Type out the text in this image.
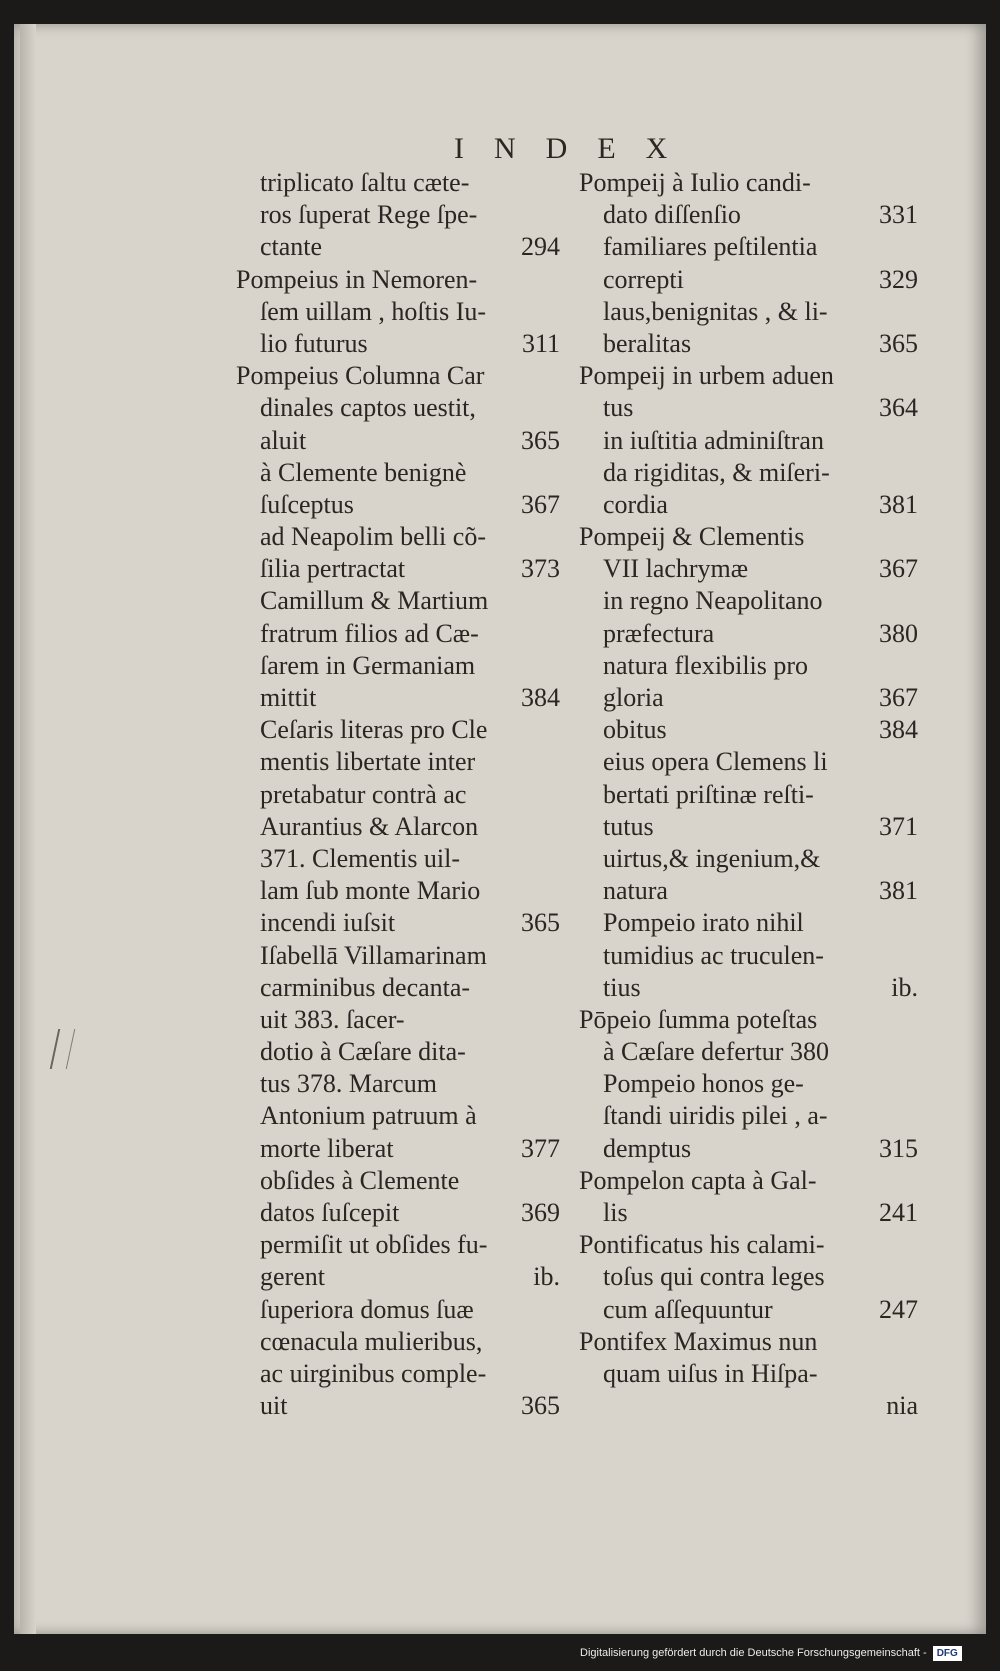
INDEX
triplicato ſaltu cæte-
ros ſuperat Rege ſpe-
ctante	294
Pompeius in Nemoren-
ſem uillam , hoſtis Iu-
lio futurus	311
Pompeius Columna Car
dinales captos uestit,
aluit	365
à Clemente benignè
ſuſceptus	367
ad Neapolim belli cõ-
ſilia pertractat	373
Camillum & Martium
fratrum filios ad Cæ-
ſarem in Germaniam
mittit	384
Ceſaris literas pro Cle
mentis libertate inter
pretabatur contrà ac
Aurantius & Alarcon
371. Clementis uil-
lam ſub monte Mario
incendi iuſsit	365
Iſabellā Villamarinam
carminibus decanta-
uit 383. ſacer-
dotio à Cæſare dita-
tus 378. Marcum
Antonium patruum à
morte liberat	377
obſides à Clemente
datos ſuſcepit	369
permiſit ut obſides fu-
gerent	ib.
ſuperiora domus ſuæ
cœnacula mulieribus,
ac uirginibus comple-
uit	365
Pompeij à Iulio candi-
dato diſſenſio	331
familiares peſtilentia
correpti	329
laus,benignitas , & li-
beralitas	365
Pompeij in urbem aduen
tus	364
in iuſtitia adminiſtran
da rigiditas, & miſeri-
cordia	381
Pompeij & Clementis
VII lachrymæ	367
in regno Neapolitano
præfectura	380
natura flexibilis pro
gloria	367
obitus	384
eius opera Clemens li
bertati priſtinæ reſti-
tutus	371
uirtus,& ingenium,&
natura	381
Pompeio irato nihil
tumidius ac truculen-
tius	ib.
Pōpeio ſumma poteſtas
à Cæſare defertur 380
Pompeio honos ge-
ſtandi uiridis pilei , a-
demptus	315
Pompelon capta à Gal-
lis	241
Pontificatus his calami-
toſus qui contra leges
cum aſſequuntur	247
Pontifex Maximus nun
quam uiſus in Hiſpa-
nia
Digitalisierung gefördert durch die Deutsche Forschungsgemeinschaft -	DFG
